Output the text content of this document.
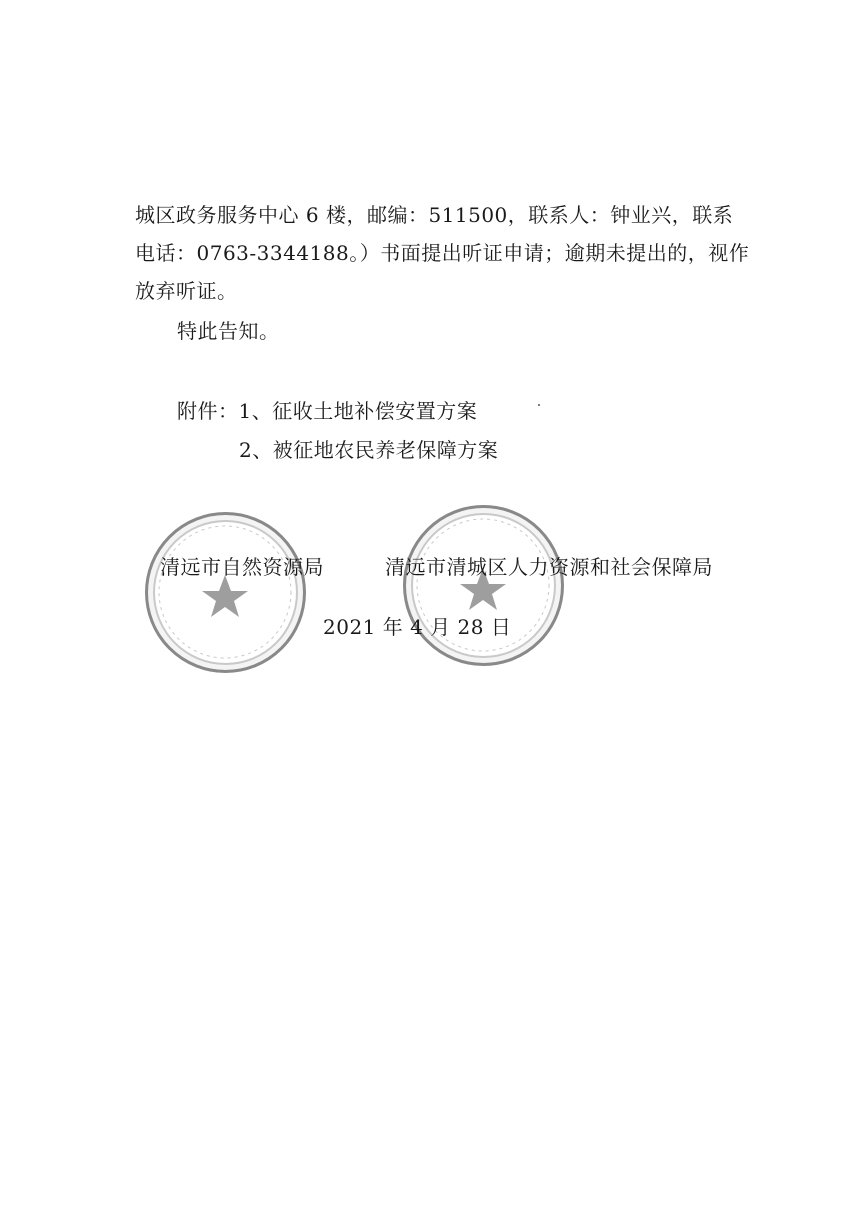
城区政务服务中心 6 楼，邮编：511500，联系人：钟业兴，联系
电话：0763-3344188。）书面提出听证申请；逾期未提出的，视作
放弃听证。
特此告知。
附件：1、征收土地补偿安置方案
2、被征地农民养老保障方案
清远市自然资源局	清远市清城区人力资源和社会保障局
2021 年 4 月 28 日
